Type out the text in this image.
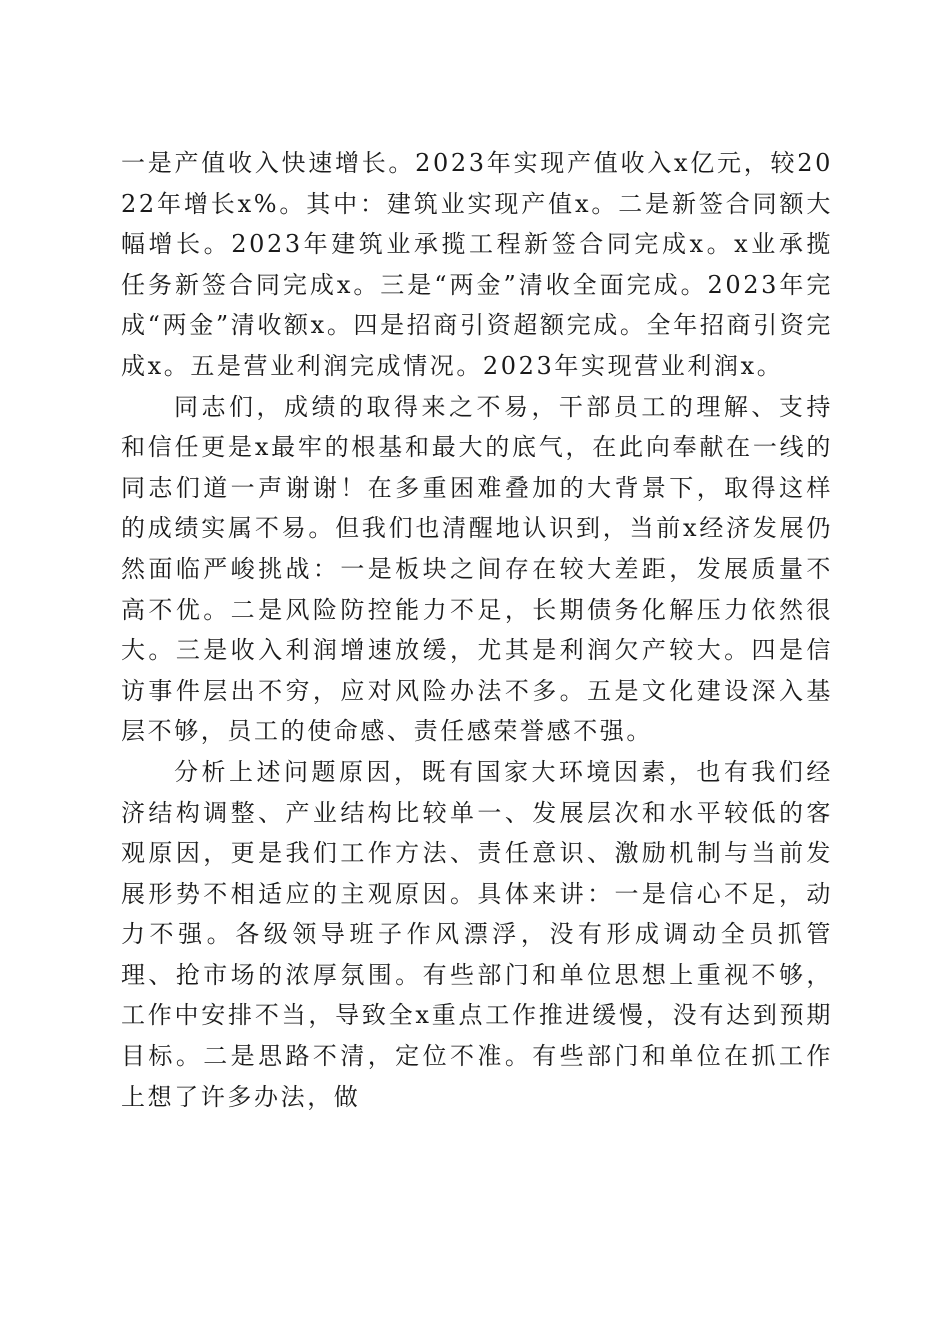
一是产值收入快速增长。2023年实现产值收入x亿元，较2022年增长x%。其中：建筑业实现产值x。二是新签合同额大幅增长。2023年建筑业承揽工程新签合同完成x。x业承揽任务新签合同完成x。三是“两金”清收全面完成。2023年完成“两金”清收额x。四是招商引资超额完成。全年招商引资完成x。五是营业利润完成情况。2023年实现营业利润x。

同志们，成绩的取得来之不易，干部员工的理解、支持和信任更是x最牢的根基和最大的底气，在此向奉献在一线的同志们道一声谢谢！在多重困难叠加的大背景下，取得这样的成绩实属不易。但我们也清醒地认识到，当前x经济发展仍然面临严峻挑战：一是板块之间存在较大差距，发展质量不高不优。二是风险防控能力不足，长期债务化解压力依然很大。三是收入利润增速放缓，尤其是利润欠产较大。四是信访事件层出不穷，应对风险办法不多。五是文化建设深入基层不够，员工的使命感、责任感荣誉感不强。

分析上述问题原因，既有国家大环境因素，也有我们经济结构调整、产业结构比较单一、发展层次和水平较低的客观原因，更是我们工作方法、责任意识、激励机制与当前发展形势不相适应的主观原因。具体来讲：一是信心不足，动力不强。各级领导班子作风漂浮，没有形成调动全员抓管理、抢市场的浓厚氛围。有些部门和单位思想上重视不够，工作中安排不当，导致全x重点工作推进缓慢，没有达到预期目标。二是思路不清，定位不准。有些部门和单位在抓工作上想了许多办法，做
